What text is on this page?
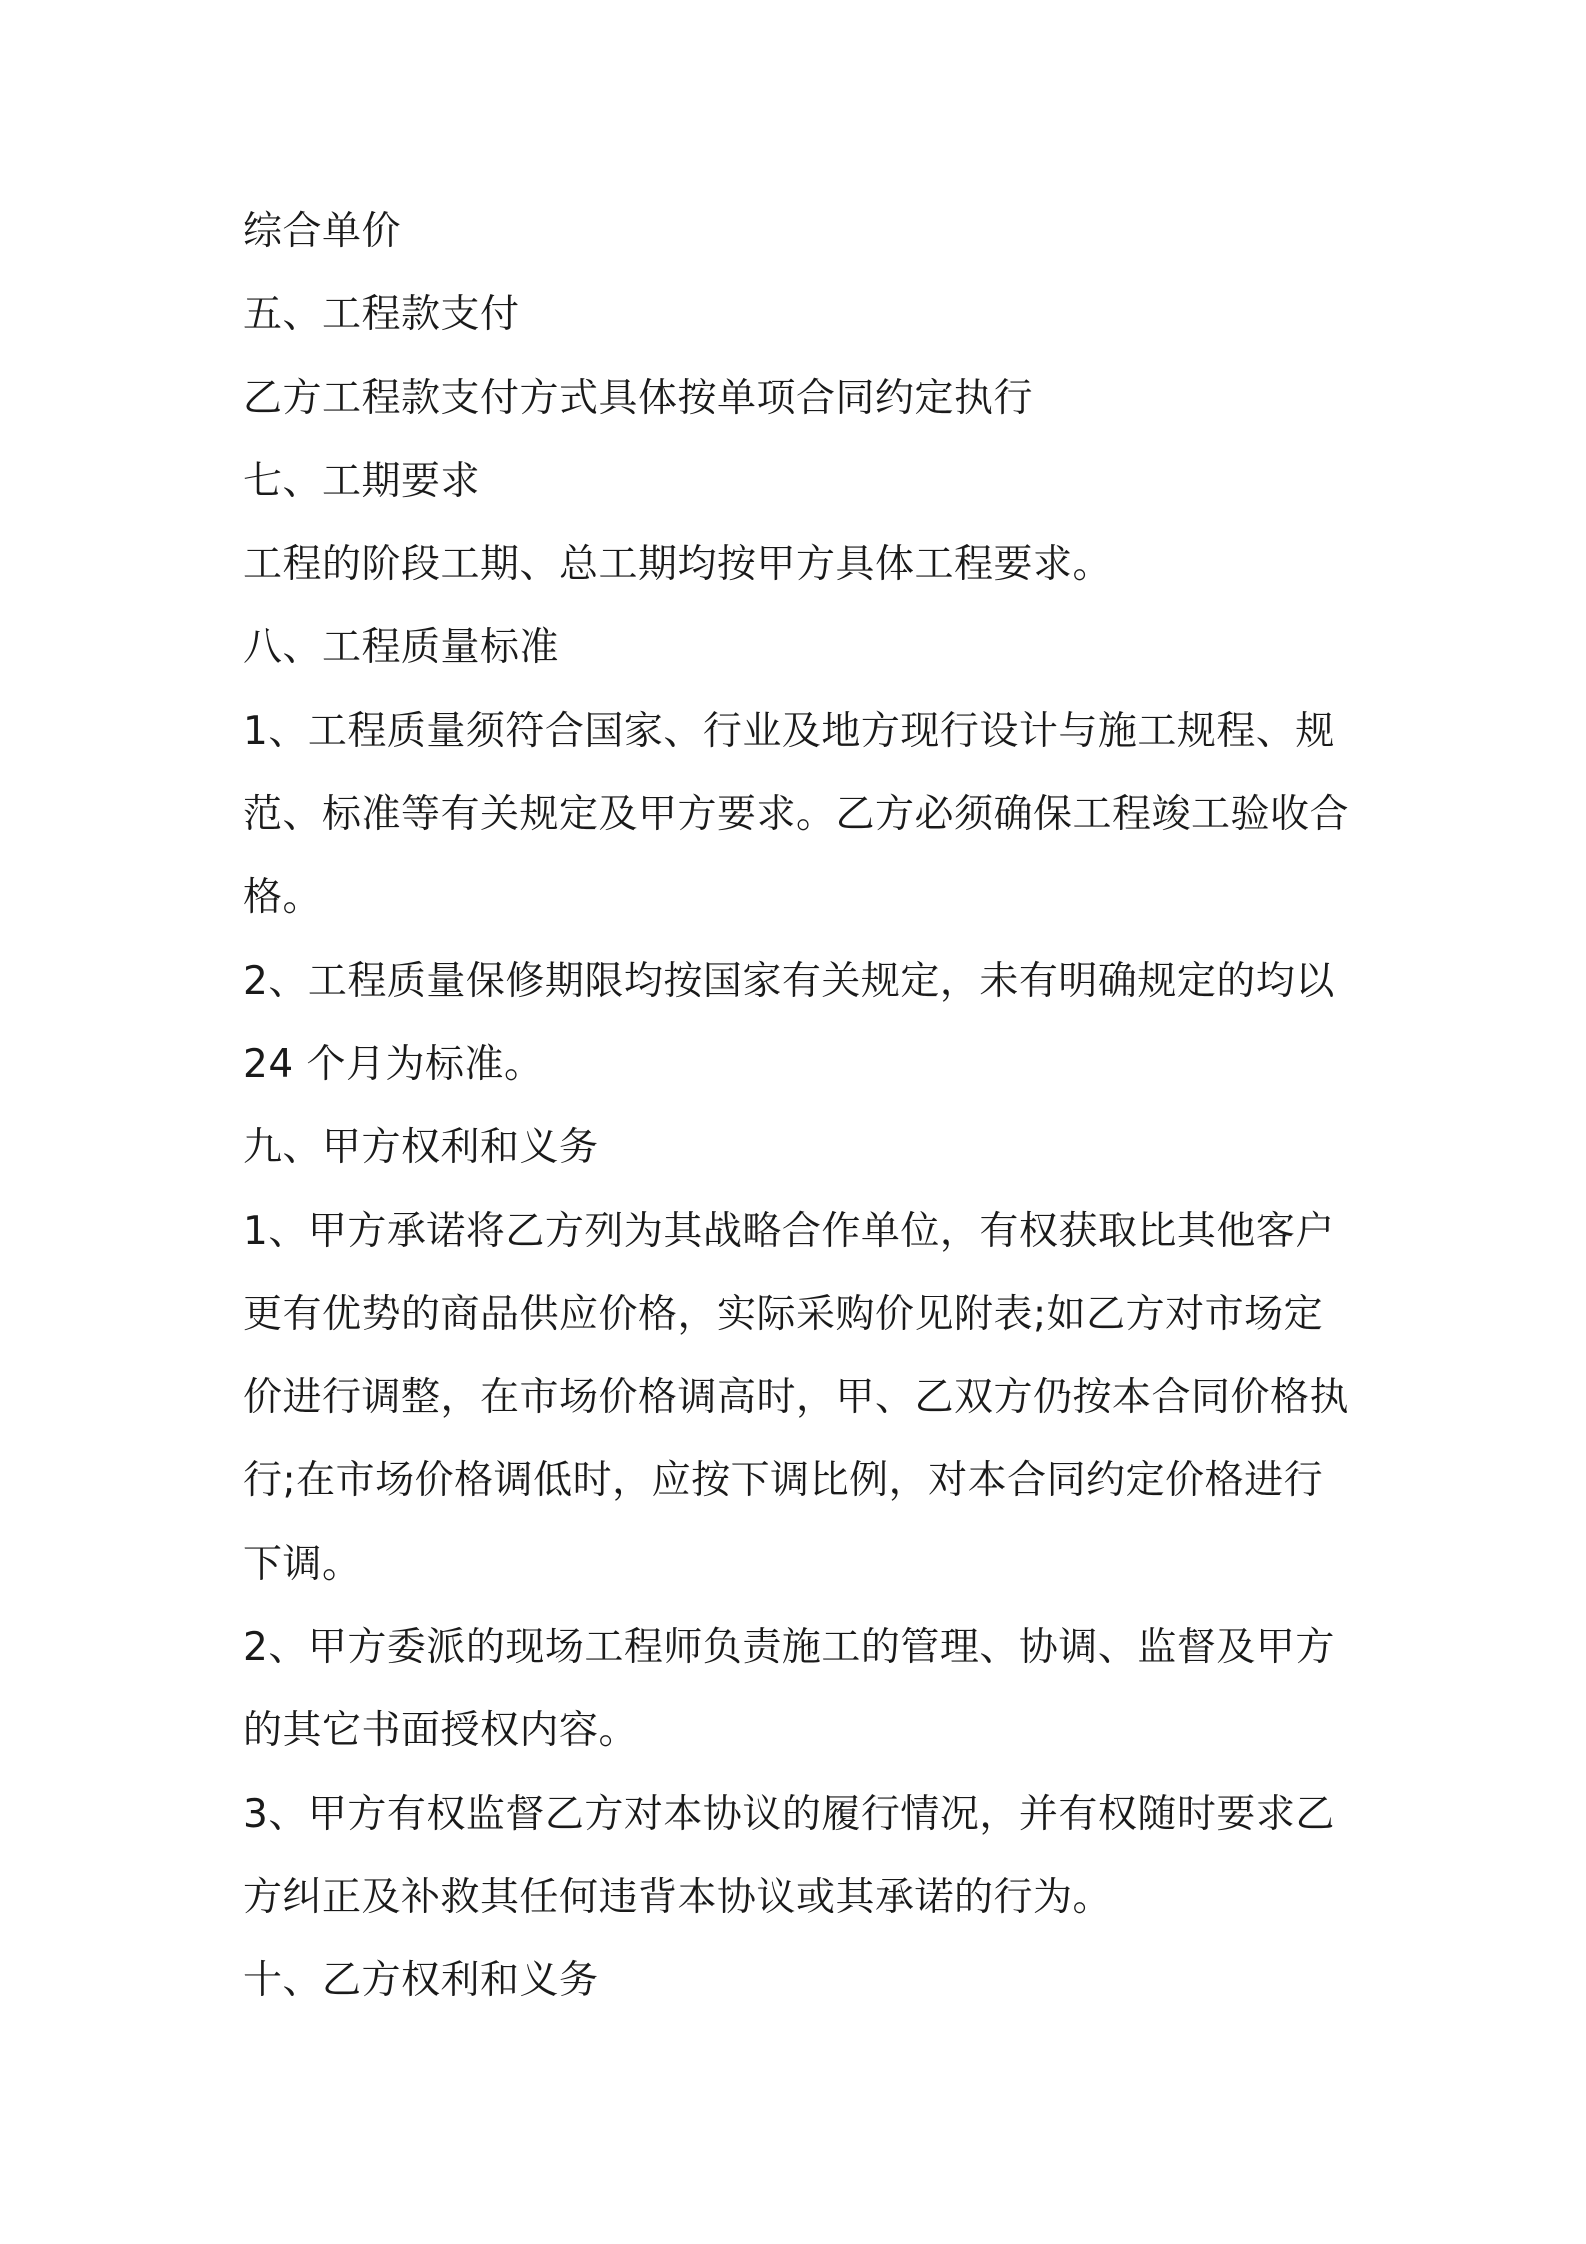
综合单价
五、工程款支付
乙方工程款支付方式具体按单项合同约定执行
七、工期要求
工程的阶段工期、总工期均按甲方具体工程要求。
八、工程质量标准
1、工程质量须符合国家、行业及地方现行设计与施工规程、规
范、标准等有关规定及甲方要求。乙方必须确保工程竣工验收合
格。
2、工程质量保修期限均按国家有关规定，未有明确规定的均以
24 个月为标准。
九、甲方权利和义务
1、甲方承诺将乙方列为其战略合作单位，有权获取比其他客户
更有优势的商品供应价格，实际采购价见附表;如乙方对市场定
价进行调整，在市场价格调高时，甲、乙双方仍按本合同价格执
行;在市场价格调低时，应按下调比例，对本合同约定价格进行
下调。
2、甲方委派的现场工程师负责施工的管理、协调、监督及甲方
的其它书面授权内容。
3、甲方有权监督乙方对本协议的履行情况，并有权随时要求乙
方纠正及补救其任何违背本协议或其承诺的行为。
十、乙方权利和义务
